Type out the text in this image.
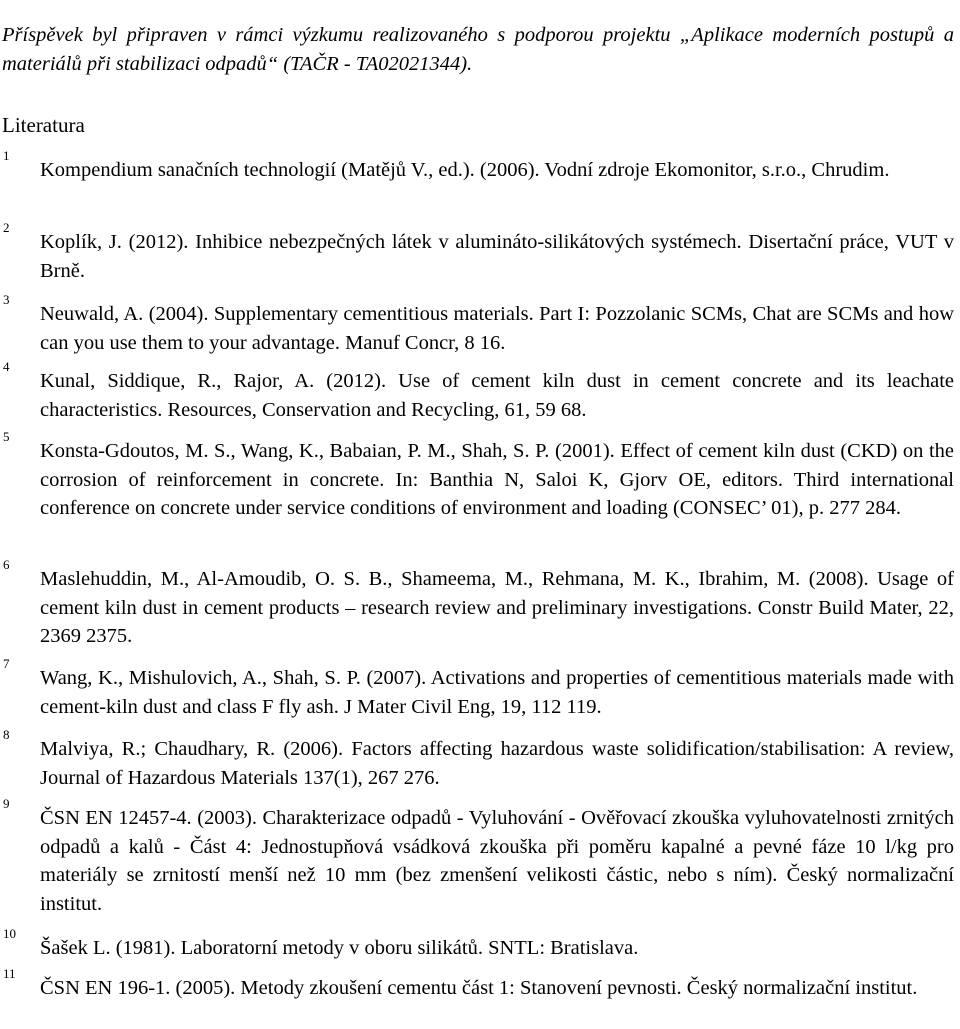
Příspěvek byl připraven v rámci výzkumu realizovaného s podporou projektu „Aplikace moderních postupů a materiálů při stabilizaci odpadů“ (TAČR - TA02021344).

Literatura
1
Kompendium sanačních technologií (Matějů V., ed.). (2006). Vodní zdroje Ekomonitor, s.r.o., Chrudim.
2
Koplík, J. (2012). Inhibice nebezpečných látek v alumináto-silikátových systémech. Disertační práce, VUT v Brně.
3
Neuwald, A. (2004). Supplementary cementitious materials. Part I: Pozzolanic SCMs, Chat are SCMs and how can you use them to your advantage. Manuf Concr, 8 16.
4
Kunal, Siddique, R., Rajor, A. (2012). Use of cement kiln dust in cement concrete and its leachate characteristics. Resources, Conservation and Recycling, 61, 59 68.
5
Konsta-Gdoutos, M. S., Wang, K., Babaian, P. M., Shah, S. P. (2001). Effect of cement kiln dust (CKD) on the corrosion of reinforcement in concrete. In: Banthia N, Saloi K, Gjorv OE, editors. Third international conference on concrete under service conditions of environment and loading (CONSEC’ 01), p. 277 284.
6
Maslehuddin, M., Al-Amoudib, O. S. B., Shameema, M., Rehmana, M. K., Ibrahim, M. (2008). Usage of cement kiln dust in cement products – research review and preliminary investigations. Constr Build Mater, 22, 2369 2375.
7
Wang, K., Mishulovich, A., Shah, S. P. (2007). Activations and properties of cementitious materials made with cement-kiln dust and class F fly ash. J Mater Civil Eng, 19, 112 119.
8
Malviya, R.; Chaudhary, R. (2006). Factors affecting hazardous waste solidification/stabilisation: A review, Journal of Hazardous Materials 137(1), 267 276.
9
ČSN EN 12457-4. (2003). Charakterizace odpadů - Vyluhování - Ověřovací zkouška vyluhovatelnosti zrnitých odpadů a kalů - Část 4: Jednostupňová vsádková zkouška při poměru kapalné a pevné fáze 10 l/kg pro materiály se zrnitostí menší než 10 mm (bez zmenšení velikosti částic, nebo s ním). Český normalizační institut.
10
Šašek L. (1981). Laboratorní metody v oboru silikátů. SNTL: Bratislava.
11
ČSN EN 196-1. (2005). Metody zkoušení cementu část 1: Stanovení pevnosti. Český normalizační institut.
